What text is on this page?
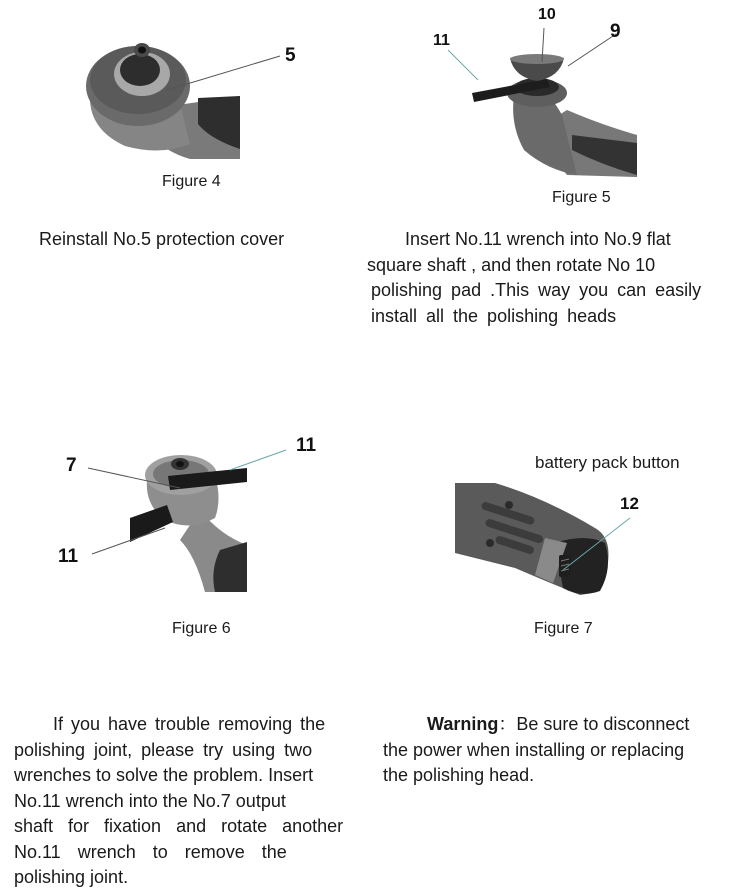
5
Figure 4
Reinstall No.5 protection cover
10
9
11
Figure 5
Insert No.11 wrench into No.9 flat
square shaft , and then rotate No 10
polishing pad .This way you can easily
install all the polishing heads
7
11
11
Figure 6
If you have trouble removing the
polishing joint, please try using two
wrenches to solve the problem. Insert
No.11 wrench into the No.7 output
shaft for fixation and rotate another
No.11 wrench to remove the
polishing joint.
battery pack button
12
Figure 7
Warning：Be sure to disconnect
the power when installing or replacing
the polishing head.
